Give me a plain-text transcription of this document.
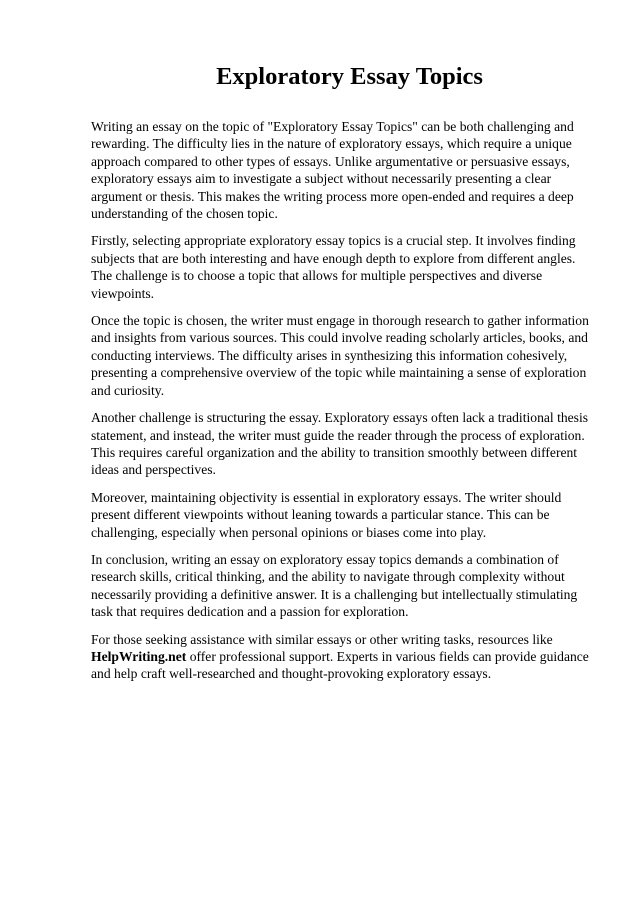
Exploratory Essay Topics

Writing an essay on the topic of "Exploratory Essay Topics" can be both challenging and rewarding. The difficulty lies in the nature of exploratory essays, which require a unique approach compared to other types of essays. Unlike argumentative or persuasive essays, exploratory essays aim to investigate a subject without necessarily presenting a clear argument or thesis. This makes the writing process more open-ended and requires a deep understanding of the chosen topic.

Firstly, selecting appropriate exploratory essay topics is a crucial step. It involves finding subjects that are both interesting and have enough depth to explore from different angles. The challenge is to choose a topic that allows for multiple perspectives and diverse viewpoints.

Once the topic is chosen, the writer must engage in thorough research to gather information and insights from various sources. This could involve reading scholarly articles, books, and conducting interviews. The difficulty arises in synthesizing this information cohesively, presenting a comprehensive overview of the topic while maintaining a sense of exploration and curiosity.

Another challenge is structuring the essay. Exploratory essays often lack a traditional thesis statement, and instead, the writer must guide the reader through the process of exploration. This requires careful organization and the ability to transition smoothly between different ideas and perspectives.

Moreover, maintaining objectivity is essential in exploratory essays. The writer should present different viewpoints without leaning towards a particular stance. This can be challenging, especially when personal opinions or biases come into play.

In conclusion, writing an essay on exploratory essay topics demands a combination of research skills, critical thinking, and the ability to navigate through complexity without necessarily providing a definitive answer. It is a challenging but intellectually stimulating task that requires dedication and a passion for exploration.

For those seeking assistance with similar essays or other writing tasks, resources like HelpWriting.net offer professional support. Experts in various fields can provide guidance and help craft well-researched and thought-provoking exploratory essays.
